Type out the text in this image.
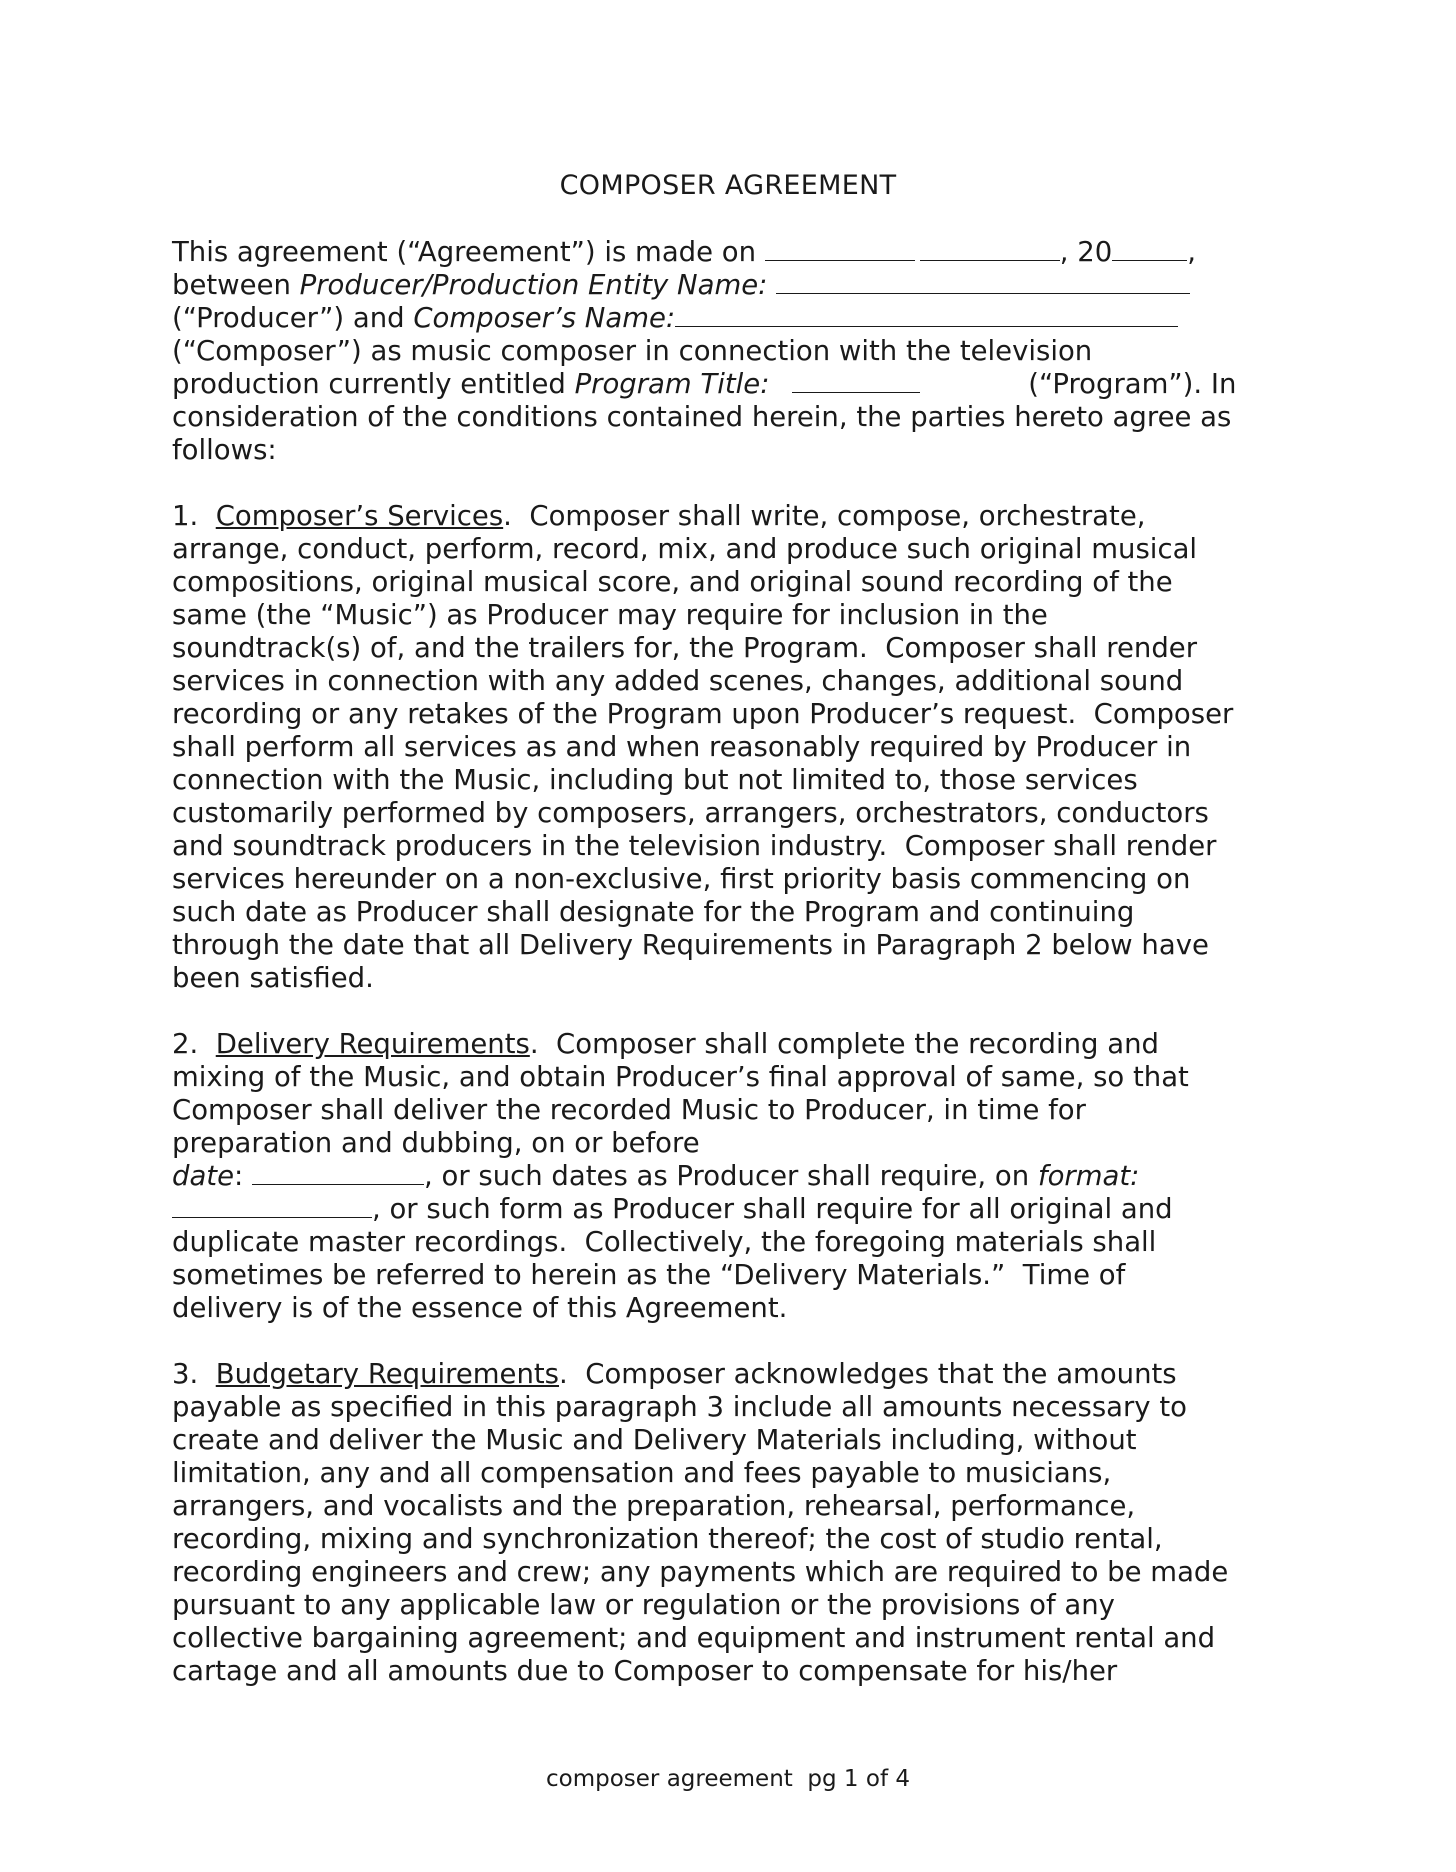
COMPOSER AGREEMENT

This agreement (“Agreement”) is made on	, 20	,
between Producer/Production Entity Name:
(“Producer”) and Composer’s Name:
(“Composer”) as music composer in connection with the television
production currently entitled Program Title:	(“Program”). In
consideration of the conditions contained herein, the parties hereto agree as
follows:

1.  Composer’s Services.  Composer shall write, compose, orchestrate,
arrange, conduct, perform, record, mix, and produce such original musical
compositions, original musical score, and original sound recording of the
same (the “Music”) as Producer may require for inclusion in the
soundtrack(s) of, and the trailers for, the Program.  Composer shall render
services in connection with any added scenes, changes, additional sound
recording or any retakes of the Program upon Producer’s request.  Composer
shall perform all services as and when reasonably required by Producer in
connection with the Music, including but not limited to, those services
customarily performed by composers, arrangers, orchestrators, conductors
and soundtrack producers in the television industry.  Composer shall render
services hereunder on a non-exclusive, first priority basis commencing on
such date as Producer shall designate for the Program and continuing
through the date that all Delivery Requirements in Paragraph 2 below have
been satisfied.

2.  Delivery Requirements.  Composer shall complete the recording and
mixing of the Music, and obtain Producer’s final approval of same, so that
Composer shall deliver the recorded Music to Producer, in time for
preparation and dubbing, on or before
date:	, or such dates as Producer shall require, on format:
, or such form as Producer shall require for all original and
duplicate master recordings.  Collectively, the foregoing materials shall
sometimes be referred to herein as the “Delivery Materials.”  Time of
delivery is of the essence of this Agreement.

3.  Budgetary Requirements.  Composer acknowledges that the amounts
payable as specified in this paragraph 3 include all amounts necessary to
create and deliver the Music and Delivery Materials including, without
limitation, any and all compensation and fees payable to musicians,
arrangers, and vocalists and the preparation, rehearsal, performance,
recording, mixing and synchronization thereof; the cost of studio rental,
recording engineers and crew; any payments which are required to be made
pursuant to any applicable law or regulation or the provisions of any
collective bargaining agreement; and equipment and instrument rental and
cartage and all amounts due to Composer to compensate for his/her

composer agreement  pg 1 of 4
